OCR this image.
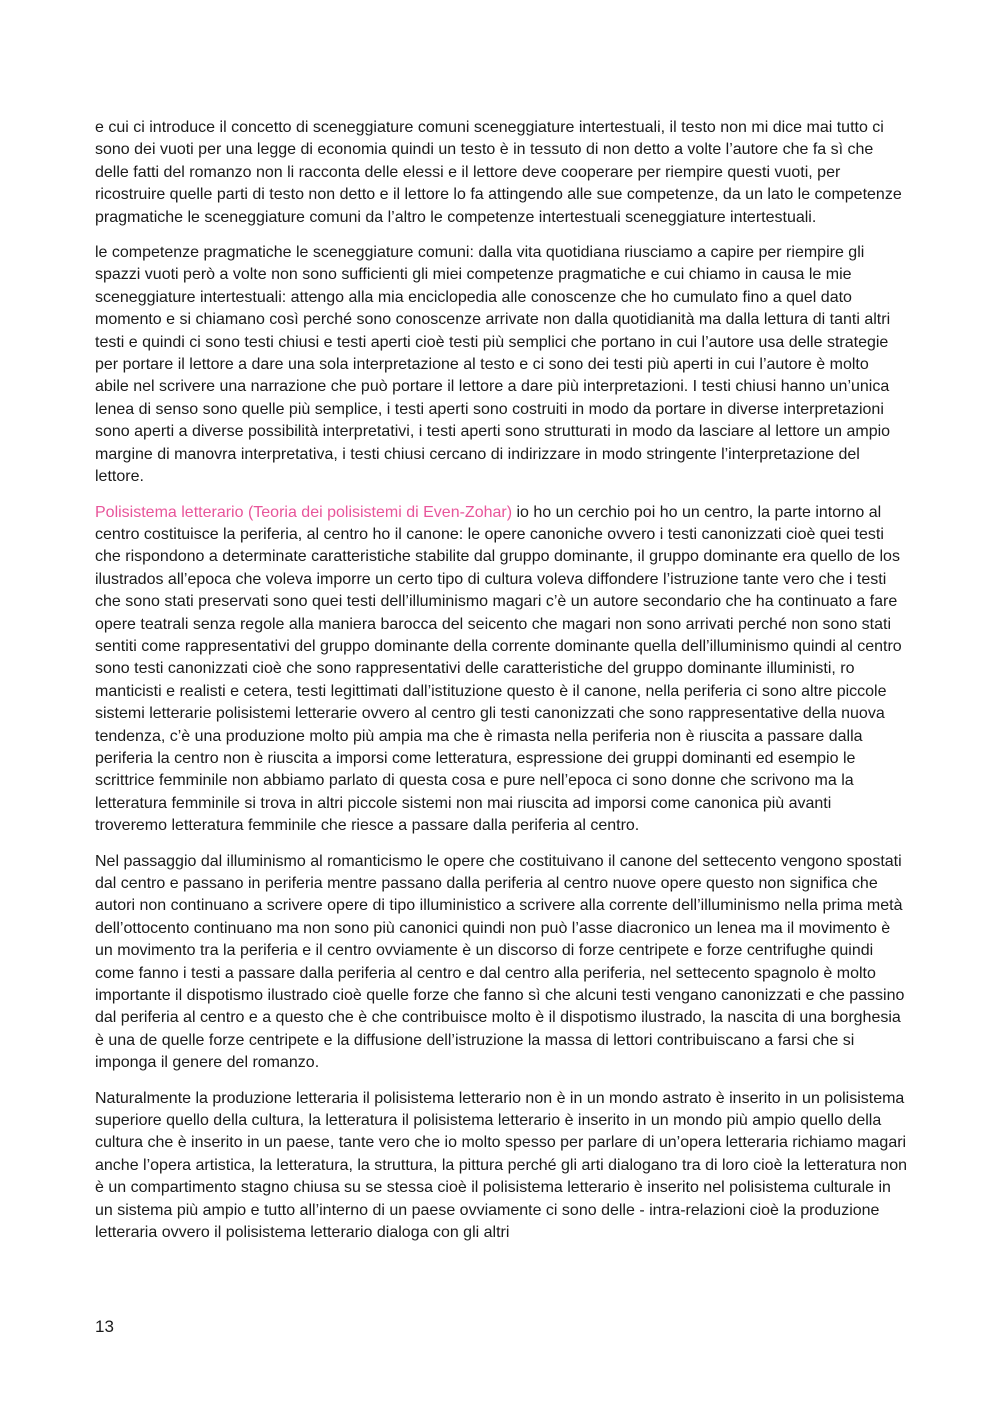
e cui ci introduce il concetto di sceneggiature comuni sceneggiature intertestuali, il testo non mi dice mai tutto ci sono dei vuoti per una legge di economia quindi un testo è in tessuto di non detto a volte l’autore che fa sì che delle fatti del romanzo non li racconta delle elessi e il lettore deve cooperare per riempire questi vuoti, per ricostruire quelle parti di testo non detto e il lettore lo fa attingendo alle sue competenze, da un lato le competenze pragmatiche le sceneggiature comuni da l’altro le competenze intertestuali sceneggiature intertestuali.

le competenze pragmatiche le sceneggiature comuni: dalla vita quotidiana riusciamo a capire per riempire gli spazzi vuoti però a volte non sono sufficienti gli miei competenze pragmatiche e cui chiamo in causa le mie sceneggiature intertestuali: attengo alla mia enciclopedia alle conoscenze che ho cumulato fino a quel dato momento e si chiamano così perché sono conoscenze arrivate non dalla quotidianità ma dalla lettura di tanti altri testi e quindi ci sono testi chiusi e testi aperti cioè testi più semplici che portano in cui l’autore usa delle strategie per portare il lettore a dare una sola interpretazione al testo e ci sono dei testi più aperti in cui l’autore è molto abile nel scrivere una narrazione che può portare il lettore a dare più interpretazioni. I testi chiusi hanno un’unica lenea di senso sono quelle più semplice, i testi aperti sono costruiti in modo da portare in diverse interpretazioni sono aperti a diverse possibilità interpretativi, i testi aperti sono strutturati in modo da lasciare al lettore un ampio margine di manovra interpretativa, i testi chiusi cercano di indirizzare in modo stringente l’interpretazione del lettore.

Polisistema letterario (Teoria dei polisistemi di Even-Zohar) io ho un cerchio poi ho un centro, la parte intorno al centro costituisce la periferia, al centro ho il canone: le opere canoniche ovvero i testi canonizzati cioè quei testi che rispondono a determinate caratteristiche stabilite dal gruppo dominante, il gruppo dominante era quello de los ilustrados all’epoca che voleva imporre un certo tipo di cultura voleva diffondere l’istruzione tante vero che i testi che sono stati preservati sono quei testi dell’illuminismo magari c’è un autore secondario che ha continuato a fare opere teatrali senza regole alla maniera barocca del seicento che magari non sono arrivati perché non sono stati sentiti come rappresentativi del gruppo dominante della corrente dominante quella dell’illuminismo quindi al centro sono testi canonizzati cioè che sono rappresentativi delle caratteristiche del gruppo dominante illuministi, ro manticisti e realisti e cetera, testi legittimati dall’istituzione questo è il canone, nella periferia ci sono altre piccole sistemi letterarie polisistemi letterarie ovvero al centro gli testi canonizzati che sono rappresentative della nuova tendenza, c’è una produzione molto più ampia ma che è rimasta nella periferia non è riuscita a passare dalla periferia la centro non è riuscita a imporsi come letteratura, espressione dei gruppi dominanti ed esempio le scrittrice femminile non abbiamo parlato di questa cosa e pure nell’epoca ci sono donne che scrivono ma la letteratura femminile si trova in altri piccole sistemi non mai riuscita ad imporsi come canonica più avanti troveremo letteratura femminile che riesce a passare dalla periferia al centro.

Nel passaggio dal illuminismo al romanticismo le opere che costituivano il canone del settecento vengono spostati dal centro e passano in periferia mentre passano dalla periferia al centro nuove opere questo non significa che autori non continuano a scrivere opere di tipo illuministico a scrivere alla corrente dell’illuminismo nella prima metà dell’ottocento continuano ma non sono più canonici quindi non può l’asse diacronico un lenea ma il movimento è un movimento tra la periferia e il centro ovviamente è un discorso di forze centripete e forze centrifughe quindi come fanno i testi a passare dalla periferia al centro e dal centro alla periferia, nel settecento spagnolo è molto importante il dispotismo ilustrado cioè quelle forze che fanno sì che alcuni testi vengano canonizzati e che passino dal periferia al centro e a questo che è che contribuisce molto è il dispotismo ilustrado, la nascita di una borghesia è una de quelle forze centripete e la diffusione dell’istruzione la massa di lettori contribuiscano a farsi che si imponga il genere del romanzo.

Naturalmente la produzione letteraria il polisistema letterario non è in un mondo astrato è inserito in un polisistema superiore quello della cultura, la letteratura il polisistema letterario è inserito in un mondo più ampio quello della cultura che è inserito in un paese, tante vero che io molto spesso per parlare di un’opera letteraria richiamo magari anche l’opera artistica, la letteratura, la struttura, la pittura perché gli arti dialogano tra di loro cioè la letteratura non è un compartimento stagno chiusa su se stessa cioè il polisistema letterario è inserito nel polisistema culturale in un sistema più ampio e tutto all’interno di un paese ovviamente ci sono delle - intra-relazioni cioè la produzione letteraria ovvero il polisistema letterario dialoga con gli altri

13
